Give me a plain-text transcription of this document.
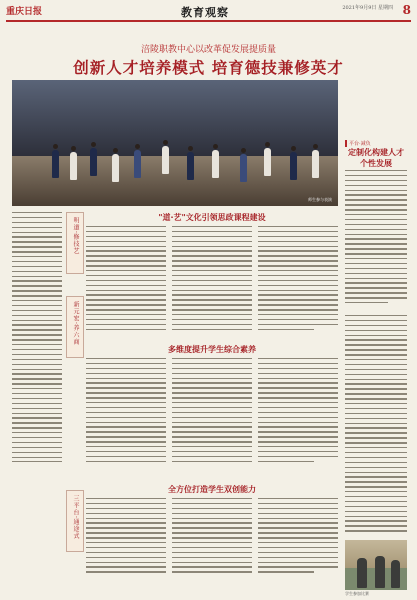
重庆日报	教育观察	2021年9月9日 星期四 8
涪陵职教中心以改革促发展提质量
创新人才培养模式 培育德技兼修英才
师生参与表演
平台·减负
定制化构建人才
个性发展
明道·修技艺
新元宏·养六商
三平台·通途式
"道·艺"文化引领思政课程建设
多维度提升学生综合素养
全方位打造学生双创能力
学生参加比赛
